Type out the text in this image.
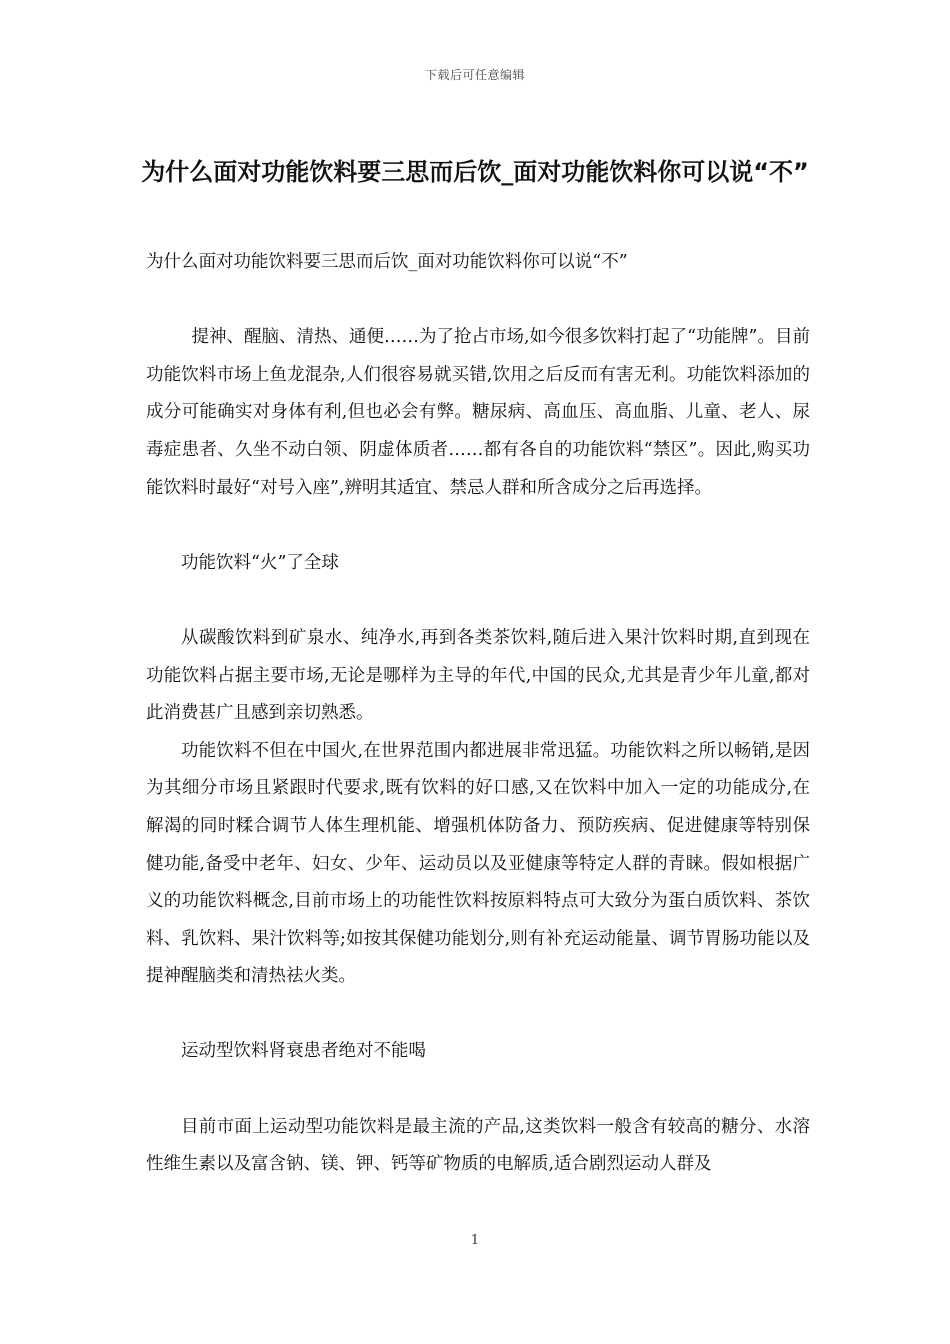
下载后可任意编辑
为什么面对功能饮料要三思而后饮_面对功能饮料你可以说“不”

为什么面对功能饮料要三思而后饮_面对功能饮料你可以说“不”

提神、醒脑、清热、通便……为了抢占市场,如今很多饮料打起了“功能牌”。目前功能饮料市场上鱼龙混杂,人们很容易就买错,饮用之后反而有害无利。功能饮料添加的成分可能确实对身体有利,但也必会有弊。糖尿病、高血压、高血脂、儿童、老人、尿毒症患者、久坐不动白领、阴虚体质者……都有各自的功能饮料“禁区”。因此,购买功能饮料时最好“对号入座”,辨明其适宜、禁忌人群和所含成分之后再选择。

功能饮料“火”了全球

从碳酸饮料到矿泉水、纯净水,再到各类茶饮料,随后进入果汁饮料时期,直到现在功能饮料占据主要市场,无论是哪样为主导的年代,中国的民众,尤其是青少年儿童,都对此消费甚广且感到亲切熟悉。

功能饮料不但在中国火,在世界范围内都进展非常迅猛。功能饮料之所以畅销,是因为其细分市场且紧跟时代要求,既有饮料的好口感,又在饮料中加入一定的功能成分,在解渴的同时糅合调节人体生理机能、增强机体防备力、预防疾病、促进健康等特别保健功能,备受中老年、妇女、少年、运动员以及亚健康等特定人群的青睐。假如根据广义的功能饮料概念,目前市场上的功能性饮料按原料特点可大致分为蛋白质饮料、茶饮料、乳饮料、果汁饮料等;如按其保健功能划分,则有补充运动能量、调节胃肠功能以及提神醒脑类和清热祛火类。

运动型饮料肾衰患者绝对不能喝

目前市面上运动型功能饮料是最主流的产品,这类饮料一般含有较高的糖分、水溶性维生素以及富含钠、镁、钾、钙等矿物质的电解质,适合剧烈运动人群及

1
